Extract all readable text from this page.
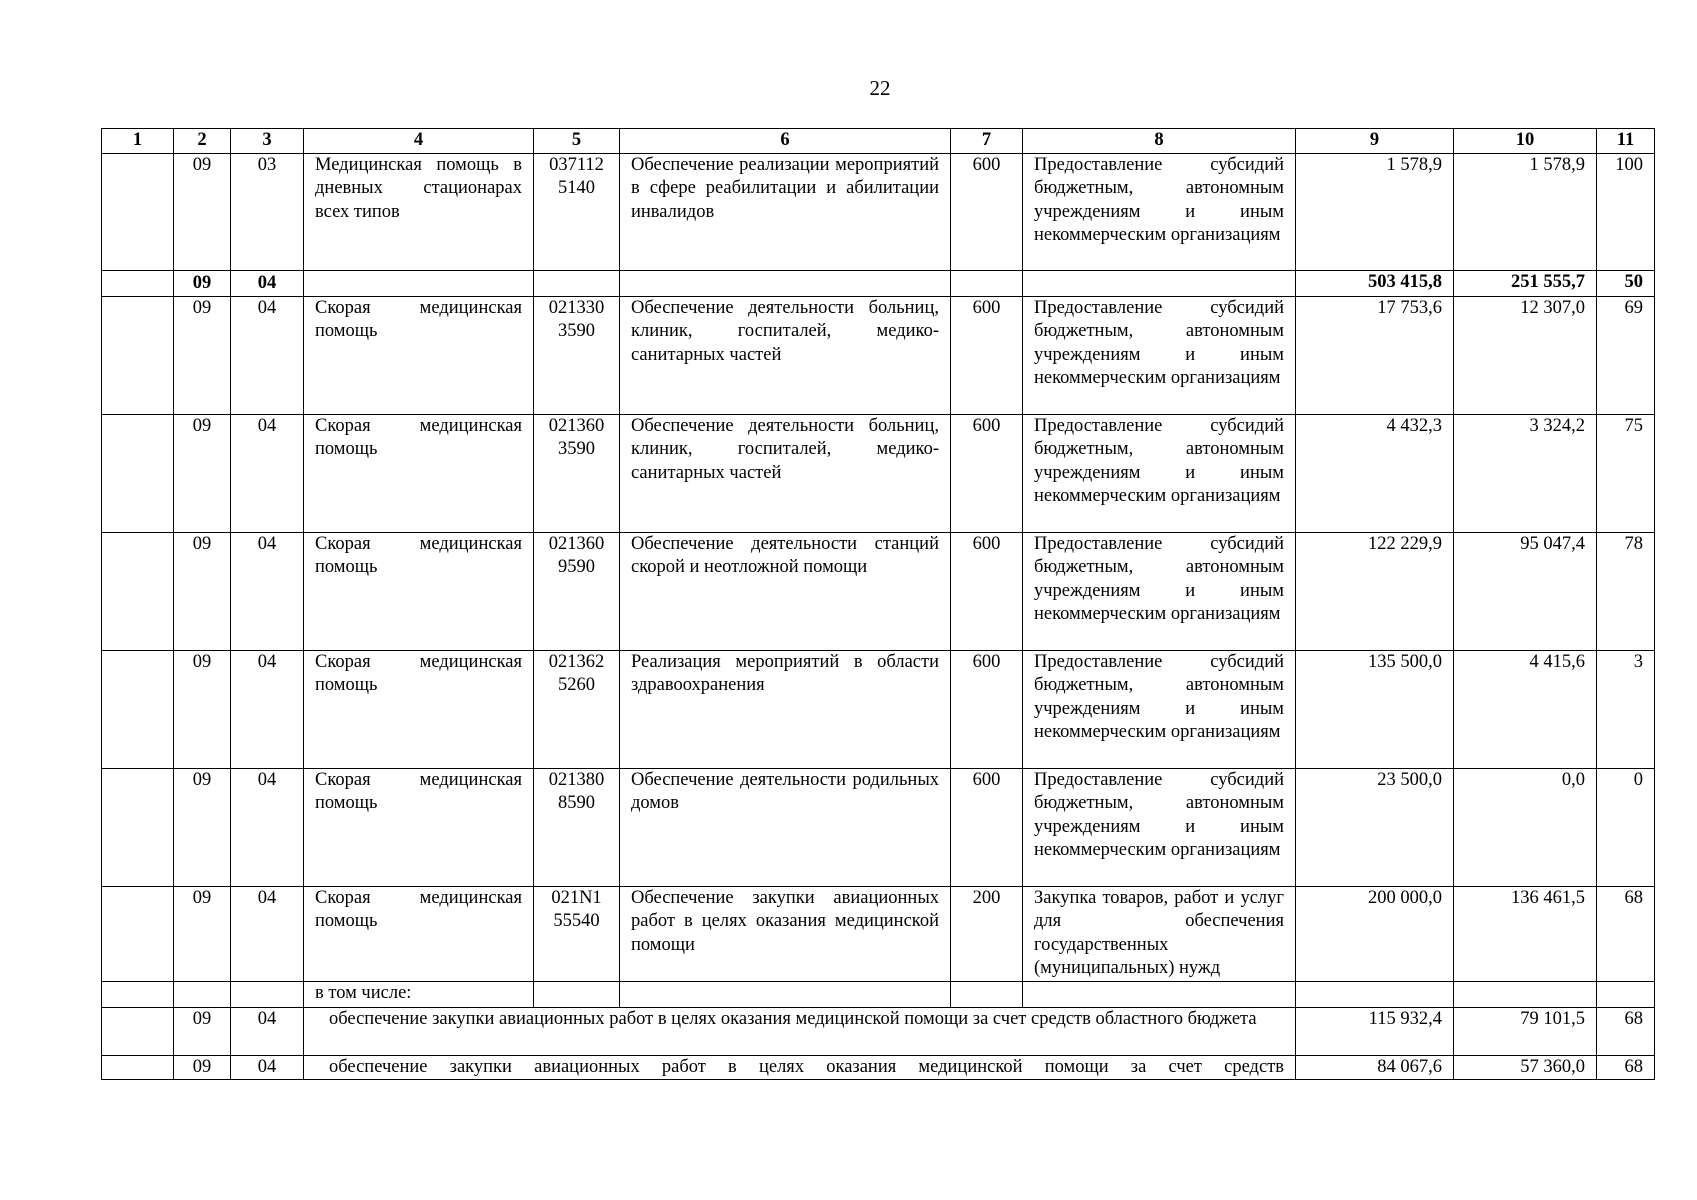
22
1	2	3	4	5	6	7	8	9	10	11
	09	03	Медицинская помощь в дневных стационарах всех типов	037112 5140	Обеспечение реализации мероприятий в сфере реабилитации и абилитации инвалидов	600	Предоставление субсидий бюджетным, автономным учреждениям и иным некоммерческим организациям	1 578,9	1 578,9	100
	09	04						503 415,8	251 555,7	50
	09	04	Скорая медицинская помощь	021330 3590	Обеспечение деятельности больниц, клиник, госпиталей, медико-санитарных частей	600	Предоставление субсидий бюджетным, автономным учреждениям и иным некоммерческим организациям	17 753,6	12 307,0	69
	09	04	Скорая медицинская помощь	021360 3590	Обеспечение деятельности больниц, клиник, госпиталей, медико-санитарных частей	600	Предоставление субсидий бюджетным, автономным учреждениям и иным некоммерческим организациям	4 432,3	3 324,2	75
	09	04	Скорая медицинская помощь	021360 9590	Обеспечение деятельности станций скорой и неотложной помощи	600	Предоставление субсидий бюджетным, автономным учреждениям и иным некоммерческим организациям	122 229,9	95 047,4	78
	09	04	Скорая медицинская помощь	021362 5260	Реализация мероприятий в области здравоохранения	600	Предоставление субсидий бюджетным, автономным учреждениям и иным некоммерческим организациям	135 500,0	4 415,6	3
	09	04	Скорая медицинская помощь	021380 8590	Обеспечение деятельности родильных домов	600	Предоставление субсидий бюджетным, автономным учреждениям и иным некоммерческим организациям	23 500,0	0,0	0
	09	04	Скорая медицинская помощь	021N1 55540	Обеспечение закупки авиационных работ в целях оказания медицинской помощи	200	Закупка товаров, работ и услуг для обеспечения государственных (муниципальных) нужд	200 000,0	136 461,5	68
			в том числе:							
	09	04	обеспечение закупки авиационных работ в целях оказания медицинской помощи за счет средств областного бюджета					115 932,4	79 101,5	68
	09	04	обеспечение закупки авиационных работ в целях оказания медицинской помощи за счет средств					84 067,6	57 360,0	68
